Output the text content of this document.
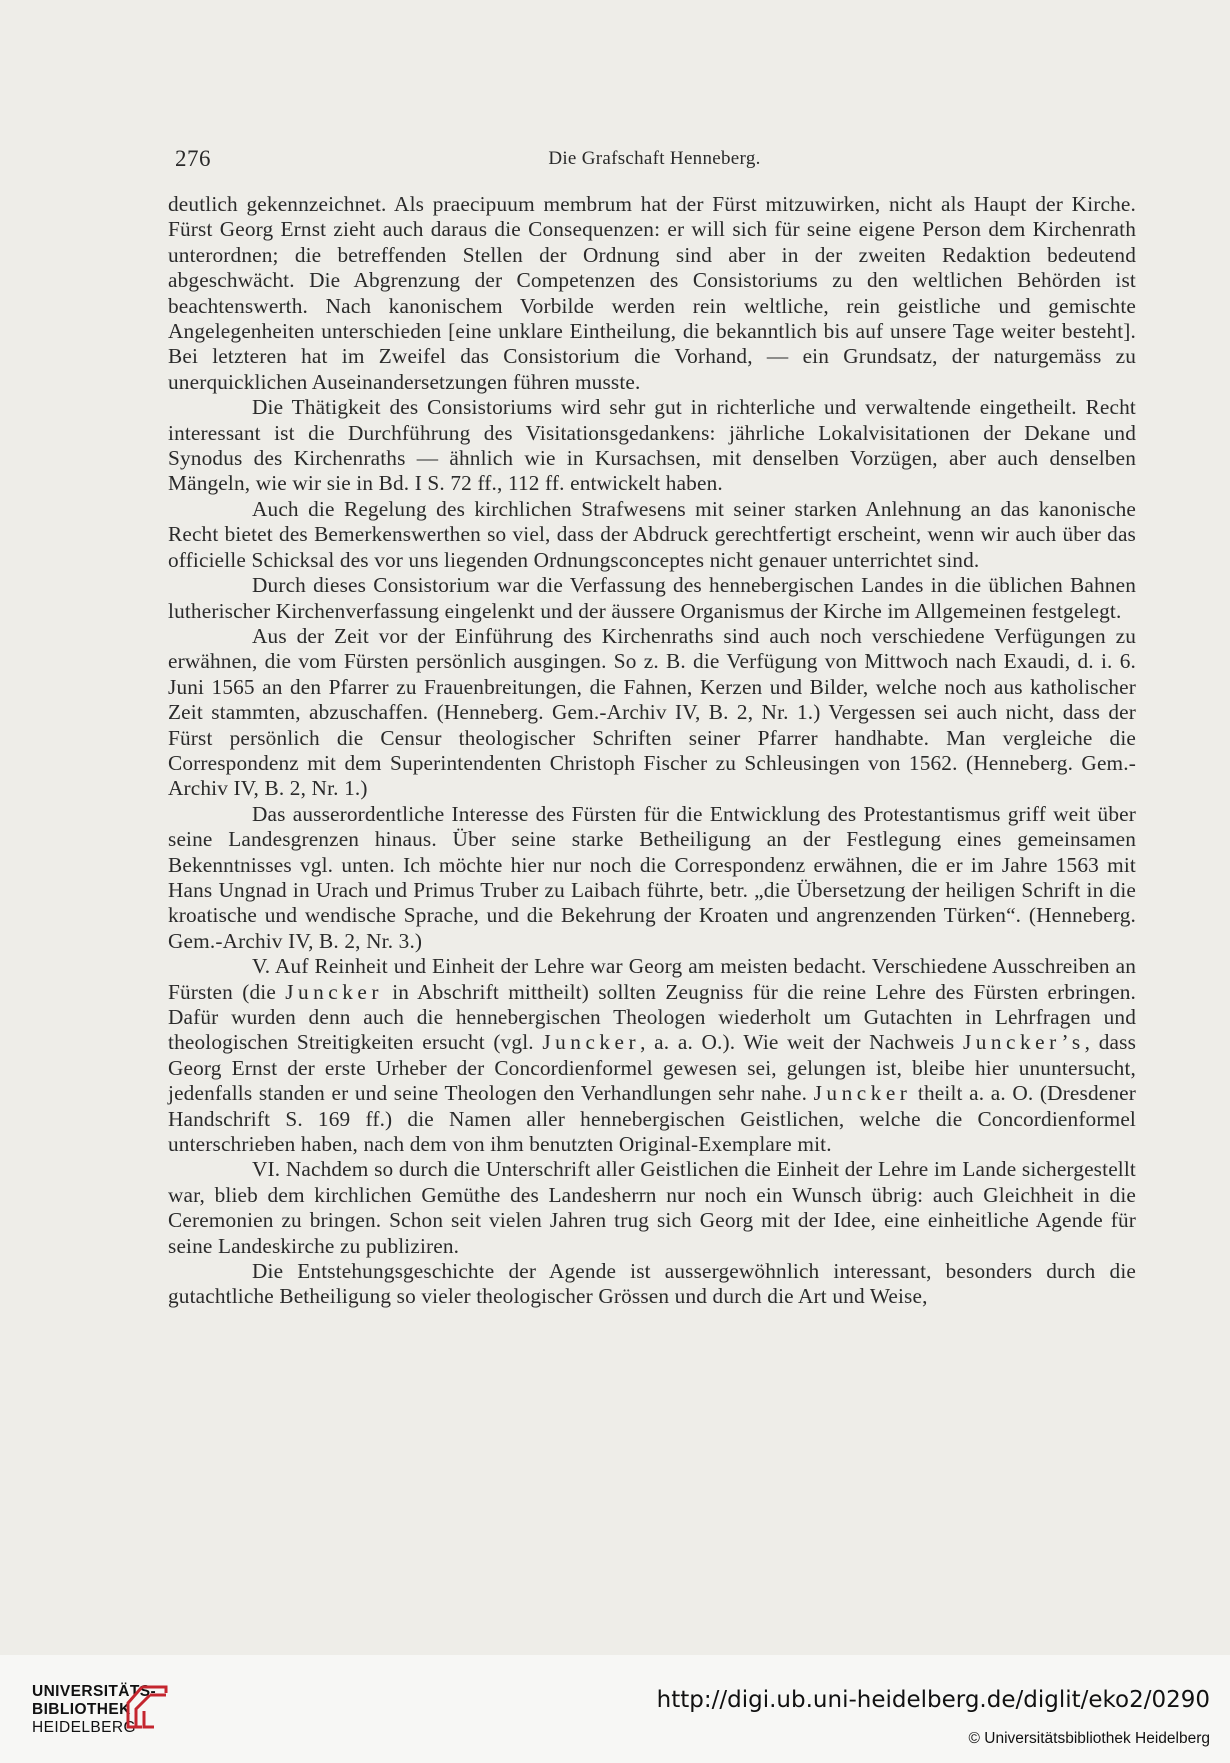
276	Die Grafschaft Henneberg.

deutlich gekennzeichnet. Als praecipuum membrum hat der Fürst mitzuwirken, nicht als Haupt der Kirche. Fürst Georg Ernst zieht auch daraus die Consequenzen: er will sich für seine eigene Person dem Kirchenrath unterordnen; die betreffenden Stellen der Ordnung sind aber in der zweiten Redaktion bedeutend abgeschwächt. Die Abgrenzung der Competenzen des Consistoriums zu den weltlichen Behörden ist beachtenswerth. Nach kanonischem Vorbilde werden rein weltliche, rein geistliche und gemischte Angelegenheiten unterschieden [eine unklare Eintheilung, die bekanntlich bis auf unsere Tage weiter besteht]. Bei letzteren hat im Zweifel das Consistorium die Vorhand, — ein Grundsatz, der naturgemäss zu unerquicklichen Auseinandersetzungen führen musste.

Die Thätigkeit des Consistoriums wird sehr gut in richterliche und verwaltende eingetheilt. Recht interessant ist die Durchführung des Visitationsgedankens: jährliche Lokalvisitationen der Dekane und Synodus des Kirchenraths — ähnlich wie in Kursachsen, mit denselben Vorzügen, aber auch denselben Mängeln, wie wir sie in Bd. I S. 72 ff., 112 ff. entwickelt haben.

Auch die Regelung des kirchlichen Strafwesens mit seiner starken Anlehnung an das kanonische Recht bietet des Bemerkenswerthen so viel, dass der Abdruck gerechtfertigt erscheint, wenn wir auch über das officielle Schicksal des vor uns liegenden Ordnungsconceptes nicht genauer unterrichtet sind.

Durch dieses Consistorium war die Verfassung des hennebergischen Landes in die üblichen Bahnen lutherischer Kirchenverfassung eingelenkt und der äussere Organismus der Kirche im Allgemeinen festgelegt.

Aus der Zeit vor der Einführung des Kirchenraths sind auch noch verschiedene Verfügungen zu erwähnen, die vom Fürsten persönlich ausgingen. So z. B. die Verfügung von Mittwoch nach Exaudi, d. i. 6. Juni 1565 an den Pfarrer zu Frauenbreitungen, die Fahnen, Kerzen und Bilder, welche noch aus katholischer Zeit stammten, abzuschaffen. (Henneberg. Gem.-Archiv IV, B. 2, Nr. 1.) Vergessen sei auch nicht, dass der Fürst persönlich die Censur theologischer Schriften seiner Pfarrer handhabte. Man vergleiche die Correspondenz mit dem Superintendenten Christoph Fischer zu Schleusingen von 1562. (Henneberg. Gem.-Archiv IV, B. 2, Nr. 1.)

Das ausserordentliche Interesse des Fürsten für die Entwicklung des Protestantismus griff weit über seine Landesgrenzen hinaus. Über seine starke Betheiligung an der Festlegung eines gemeinsamen Bekenntnisses vgl. unten. Ich möchte hier nur noch die Correspondenz erwähnen, die er im Jahre 1563 mit Hans Ungnad in Urach und Primus Truber zu Laibach führte, betr. „die Übersetzung der heiligen Schrift in die kroatische und wendische Sprache, und die Bekehrung der Kroaten und angrenzenden Türken“. (Henneberg. Gem.-Archiv IV, B. 2, Nr. 3.)

V. Auf Reinheit und Einheit der Lehre war Georg am meisten bedacht. Verschiedene Ausschreiben an Fürsten (die Juncker in Abschrift mittheilt) sollten Zeugniss für die reine Lehre des Fürsten erbringen. Dafür wurden denn auch die hennebergischen Theologen wiederholt um Gutachten in Lehrfragen und theologischen Streitigkeiten ersucht (vgl. Juncker, a. a. O.). Wie weit der Nachweis Juncker’s, dass Georg Ernst der erste Urheber der Concordienformel gewesen sei, gelungen ist, bleibe hier ununtersucht, jedenfalls standen er und seine Theologen den Verhandlungen sehr nahe. Juncker theilt a. a. O. (Dresdener Handschrift S. 169 ff.) die Namen aller hennebergischen Geistlichen, welche die Concordienformel unterschrieben haben, nach dem von ihm benutzten Original-Exemplare mit.

VI. Nachdem so durch die Unterschrift aller Geistlichen die Einheit der Lehre im Lande sichergestellt war, blieb dem kirchlichen Gemüthe des Landesherrn nur noch ein Wunsch übrig: auch Gleichheit in die Ceremonien zu bringen. Schon seit vielen Jahren trug sich Georg mit der Idee, eine einheitliche Agende für seine Landeskirche zu publiziren.

Die Entstehungsgeschichte der Agende ist aussergewöhnlich interessant, besonders durch die gutachtliche Betheiligung so vieler theologischer Grössen und durch die Art und Weise,

UNIVERSITÄTS-
BIBLIOTHEK
HEIDELBERG
http://digi.ub.uni-heidelberg.de/diglit/eko2/0290
© Universitätsbibliothek Heidelberg
